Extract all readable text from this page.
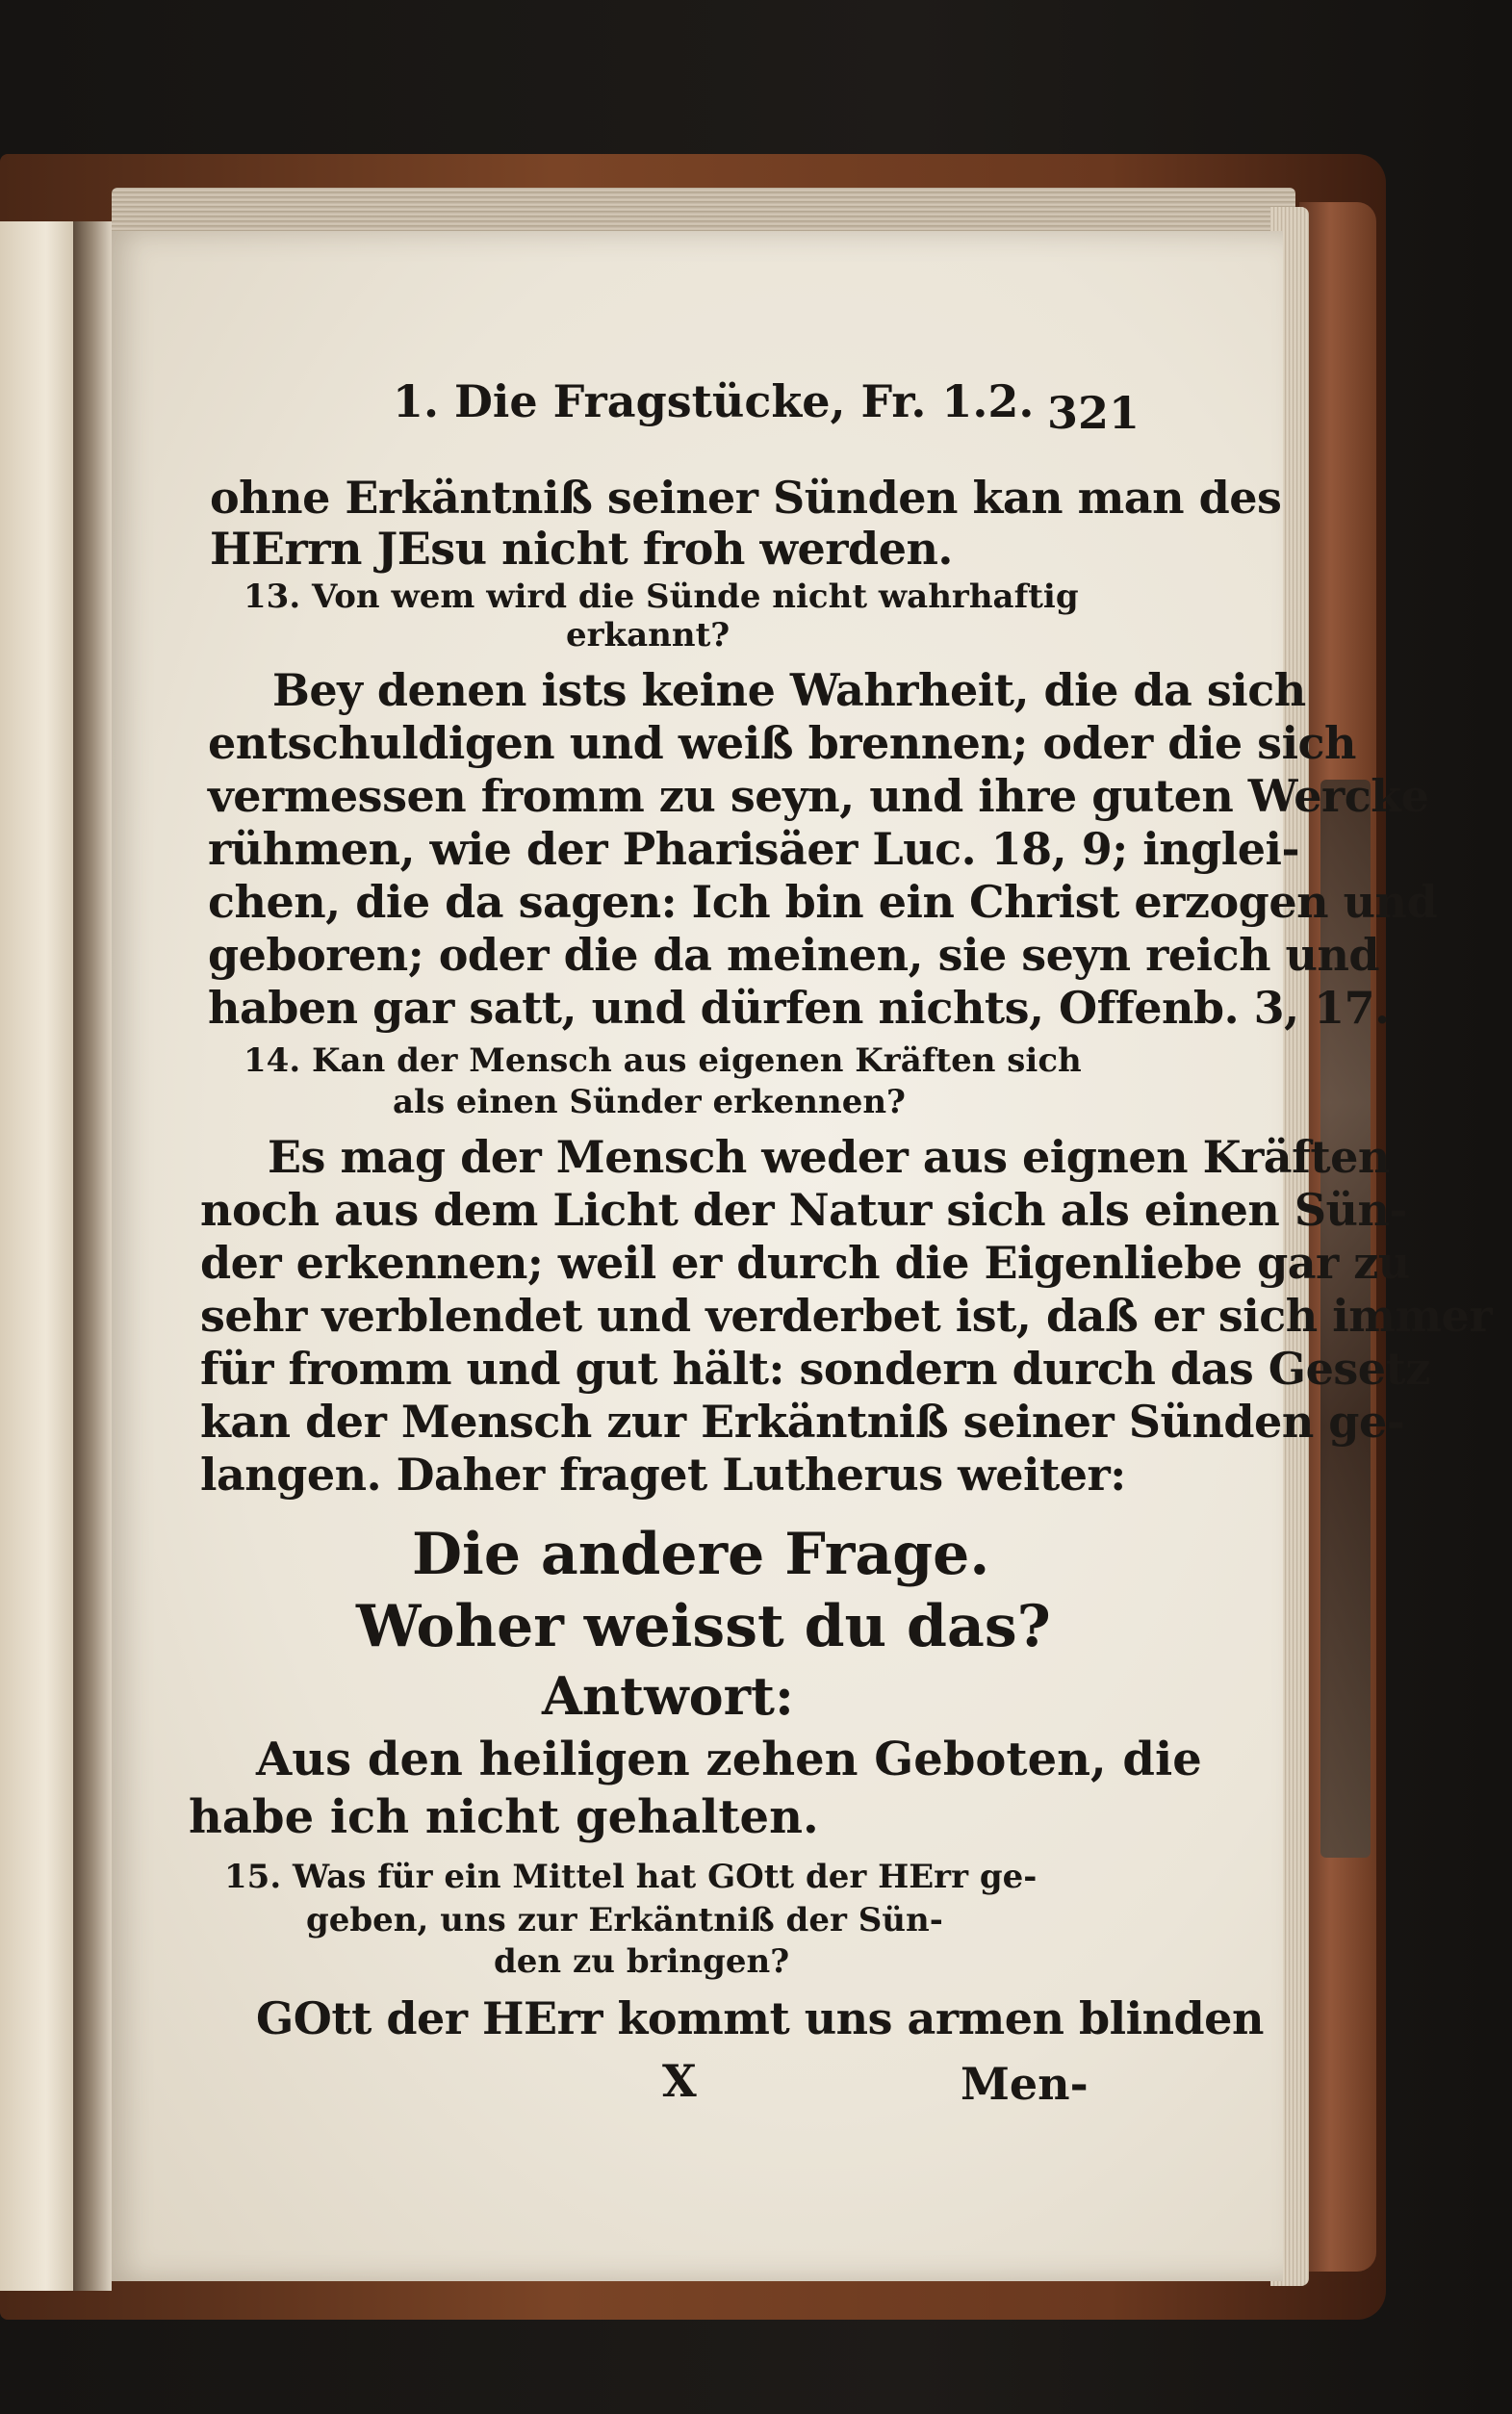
1. Die Fragstücke, Fr. 1.2. 321
ohne Erkäntniß seiner Sünden kan man des
HErrn JEsu nicht froh werden.
13. Von wem wird die Sünde nicht wahrhaftig
erkannt?
Bey denen ists keine Wahrheit, die da sich
entschuldigen und weiß brennen; oder die sich
vermessen fromm zu seyn, und ihre guten Wercke
rühmen, wie der Pharisäer Luc. 18, 9; inglei-
chen, die da sagen: Ich bin ein Christ erzogen und
geboren; oder die da meinen, sie seyn reich und
haben gar satt, und dürfen nichts, Offenb. 3, 17.
14. Kan der Mensch aus eigenen Kräften sich
als einen Sünder erkennen?
Es mag der Mensch weder aus eignen Kräften
noch aus dem Licht der Natur sich als einen Sün-
der erkennen; weil er durch die Eigenliebe gar zu
sehr verblendet und verderbet ist, daß er sich immer
für fromm und gut hält: sondern durch das Gesetz
kan der Mensch zur Erkäntniß seiner Sünden ge-
langen. Daher fraget Lutherus weiter:
Die andere Frage.
Woher weisst du das?
Antwort:
Aus den heiligen zehen Geboten, die
habe ich nicht gehalten.
15. Was für ein Mittel hat GOtt der HErr ge-
geben, uns zur Erkäntniß der Sün-
den zu bringen?
GOtt der HErr kommt uns armen blinden
X	Men-
